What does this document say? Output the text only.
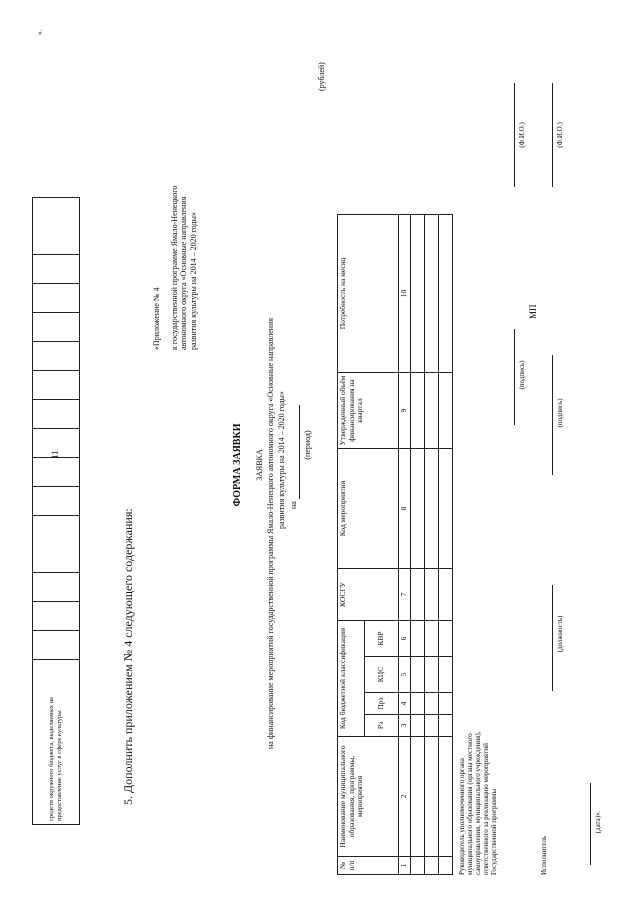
11
средств окружного бюджета, выделяемых на предоставление услуг в сфере культуры														
».
5. Дополнить приложением № 4 следующего содержания:
«Приложение № 4 к государственной программе Ямало-Ненецкого автономного округа «Основные направления развития культуры на 2014 – 2020 годы»
ФОРМА ЗАЯВКИ ЗАЯВКА на финансирование мероприятий государственной программы Ямало-Ненецкого автономного округа «Основные направления развития культуры на 2014 – 2020 годы» на
(период)
(рублей)
№ п/п	Наименование муниципального образования, программы, мероприятия	Код бюджетной классификации				КОСГУ	Код мероприятия	Утвержденный объём финансирования на квартал	Потребность на месяц
		Рз	Прз	КЦС	КВР				
1	2	3	4	5	6	7	8	9	10

Руководитель уполномоченного органа муниципального образования (органа местного самоуправления, муниципального учреждения), ответственного за реализацию мероприятий Государственной программы
(подпись)
(Ф.И.О.)
МП
Исполнитель
(должность)
(подпись)
(Ф.И.О.)
(дата)».
